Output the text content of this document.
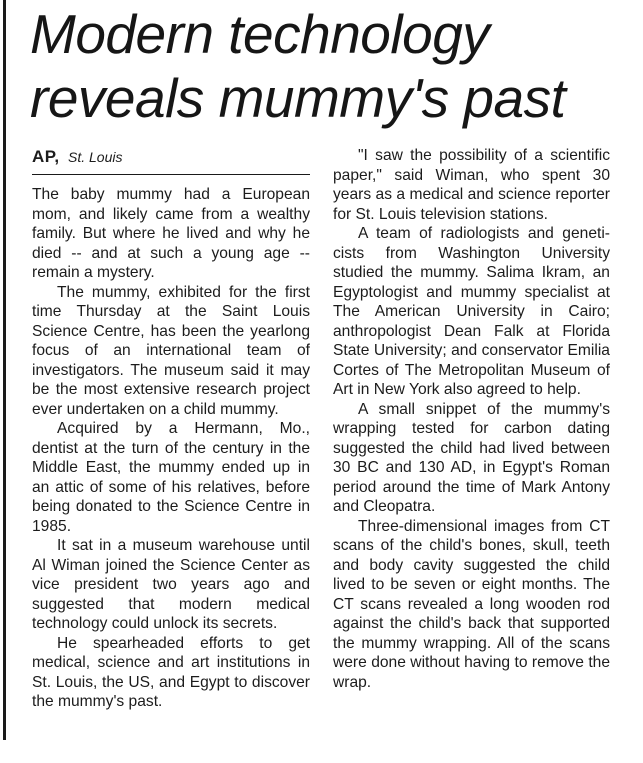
Modern technology
reveals mummy's past
AP, St. Louis

The baby mummy had a European mom, and likely came from a wealthy family. But where he lived and why he died -- and at such a young age -- remain a mystery.

The mummy, exhibited for the first time Thursday at the Saint Louis Science Centre, has been the yearlong focus of an international team of investigators. The museum said it may be the most extensive research project ever undertaken on a child mummy.

Acquired by a Hermann, Mo., dentist at the turn of the century in the Middle East, the mummy ended up in an attic of some of his relatives, before being donated to the Science Centre in 1985.

It sat in a museum warehouse until Al Wiman joined the Science Center as vice president two years ago and suggested that modern medical technology could unlock its secrets.

He spearheaded efforts to get medical, science and art institutions in St. Louis, the US, and Egypt to discover the mummy's past.

"I saw the possibility of a scientific paper," said Wiman, who spent 30 years as a medical and science reporter for St. Louis television stations.

A team of radiologists and geneticists from Washington University studied the mummy. Salima Ikram, an Egyptologist and mummy specialist at The American University in Cairo; anthropologist Dean Falk at Florida State University; and conservator Emilia Cortes of The Metropolitan Museum of Art in New York also agreed to help.

A small snippet of the mummy's wrapping tested for carbon dating suggested the child had lived between 30 BC and 130 AD, in Egypt's Roman period around the time of Mark Antony and Cleopatra.

Three-dimensional images from CT scans of the child's bones, skull, teeth and body cavity suggested the child lived to be seven or eight months. The CT scans revealed a long wooden rod against the child's back that supported the mummy wrapping. All of the scans were done without having to remove the wrap.
